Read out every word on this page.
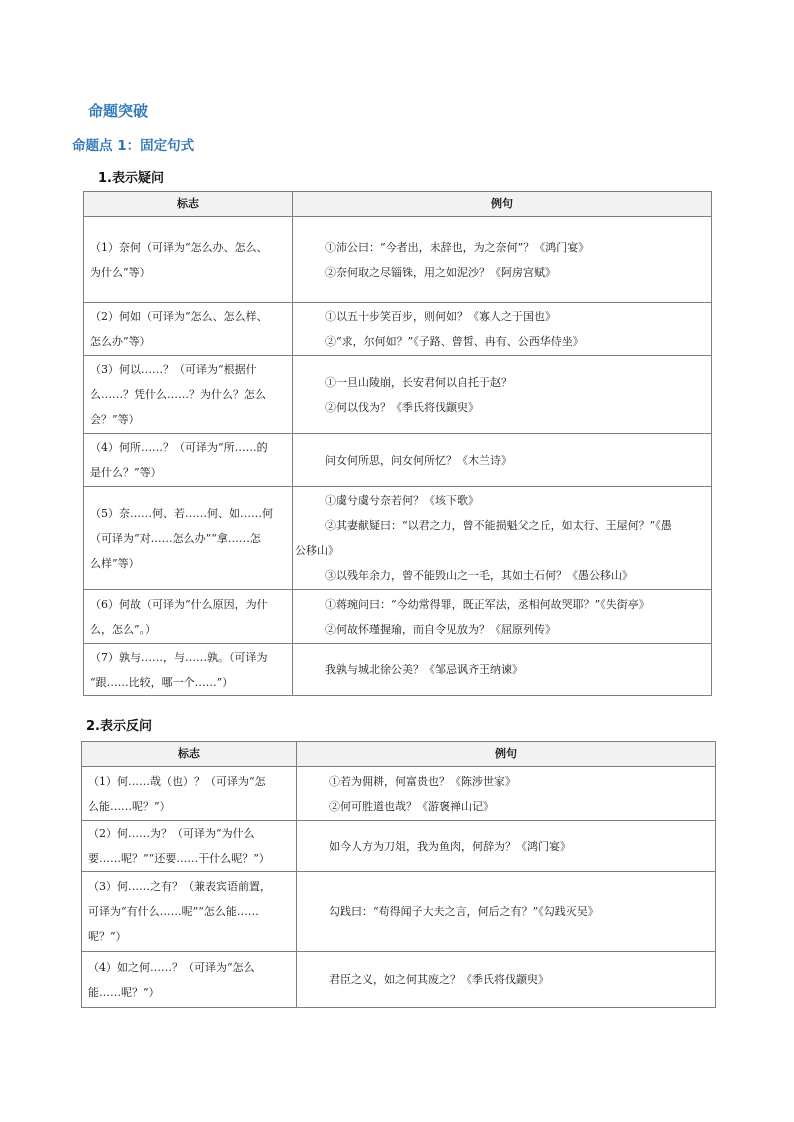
命题突破
命题点 1：固定句式
1.表示疑问
标志	例句

（1）奈何（可译为“怎么办、怎么、
为什么”等）	①沛公曰：“今者出，未辞也，为之奈何”？《鸿门宴》
②奈何取之尽锱铢，用之如泥沙？《阿房宫赋》

（2）何如（可译为“怎么、怎么样、
怎么办”等）	①以五十步笑百步，则何如？《寡人之于国也》
②“求，尔何如？”《子路、曾皙、冉有、公西华侍坐》

（3）何以……？（可译为“根据什
么……？凭什么……？为什么？怎么
会？”等）	①一旦山陵崩，长安君何以自托于赵？
②何以伐为？《季氏将伐颛臾》

（4）何所……？（可译为“所……的
是什么？”等）	问女何所思，问女何所忆？《木兰诗》

（5）奈……何、若……何、如……何
（可译为“对……怎么办”“拿……怎
么样”等）	①虞兮虞兮奈若何？《垓下歌》
②其妻献疑曰：“以君之力，曾不能损魁父之丘，如太行、王屋何？”《愚
公移山》
③以残年余力，曾不能毁山之一毛，其如土石何？《愚公移山》

（6）何故（可译为“什么原因，为什
么，怎么”。）	①蒋琬问曰：“今幼常得罪，既正军法，丞相何故哭耶？”《失街亭》
②何故怀瑾握瑜，而自令见放为？《屈原列传》

（7）孰与……，与……孰。（可译为
“跟……比较，哪一个……”）	我孰与城北徐公美？《邹忌讽齐王纳谏》
2.表示反问
标志	例句

（1）何……哉（也）？（可译为“怎
么能……呢？”）	①若为佣耕，何富贵也？《陈涉世家》
②何可胜道也哉？《游褒禅山记》

（2）何……为？（可译为“为什么
要……呢？”“还要……干什么呢？”）	如今人方为刀俎，我为鱼肉，何辞为？《鸿门宴》

（3）何……之有？（兼表宾语前置，
可译为“有什么……呢”“怎么能……
呢？”）	勾践曰：“苟得闻子大夫之言，何后之有？”《勾践灭吴》

（4）如之何……？（可译为“怎么
能……呢？”）	君臣之义，如之何其废之？《季氏将伐颛臾》
